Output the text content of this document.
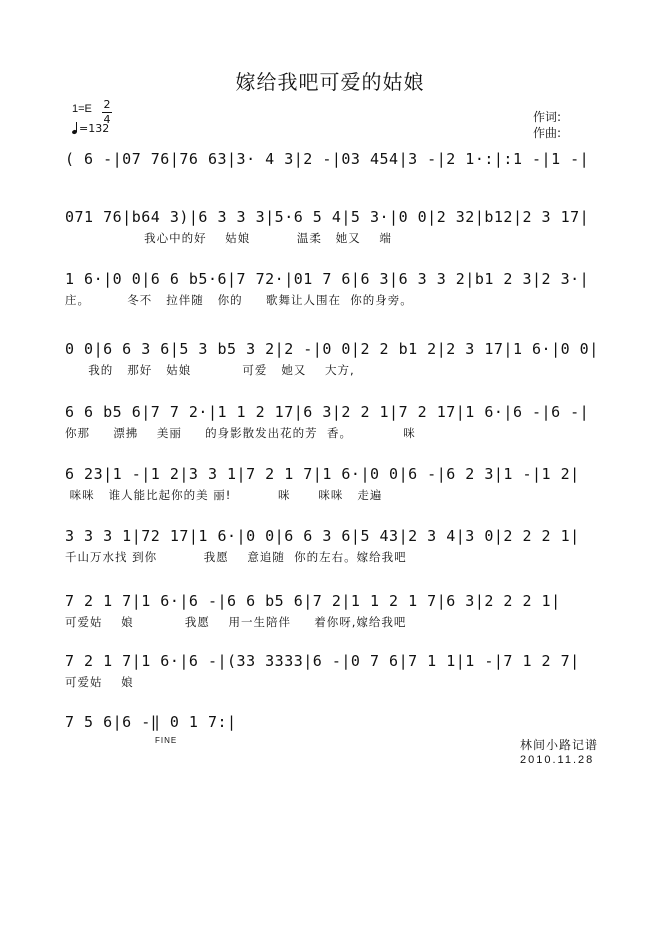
嫁给我吧可爱的姑娘
1=E 2
4
=132
作词:
作曲:
( 6 -|07 76|76 63|3· 4 3|2 -|03 454|3 -|2 1·:|:1 -|1 -|
071 76|b64 3)|6 3 3 3|5·6 5 4|5 3·|0 0|2 32|b12|2 3 17|
我心中的好    姑娘          温柔   她又    端
1 6·|0 0|6 6 b5·6|7 72·|01 7 6|6 3|6 3 3 2|b1 2 3|2 3·|
庄。        冬不   拉伴随   你的     歌舞让人围在  你的身旁。
0 0|6 6 3 6|5 3 b5 3 2|2 -|0 0|2 2 b1 2|2 3 17|1 6·|0 0|
我的   那好   姑娘           可爱   她又    大方,
6 6 b5 6|7 7 2·|1 1 2 17|6 3|2 2 1|7 2 17|1 6·|6 -|6 -|
你那     漂拂    美丽     的身影散发出花的芳  香。           咪
6 23|1 -|1 2|3 3 1|7 2 1 7|1 6·|0 0|6 -|6 2 3|1 -|1 2|
咪咪   谁人能比起你的美 丽!          咪      咪咪   走遍
3 3 3 1|72 17|1 6·|0 0|6 6 3 6|5 43|2 3 4|3 0|2 2 2 1|
千山万水找 到你          我愿    意追随  你的左右。嫁给我吧
7 2 1 7|1 6·|6 -|6 6 b5 6|7 2|1 1 2 1 7|6 3|2 2 2 1|
可爱姑    娘           我愿    用一生陪伴     着你呀,嫁给我吧
7 2 1 7|1 6·|6 -|(33 3333|6 -|0 7 6|7 1 1|1 -|7 1 2 7|
可爱姑    娘
7 5 6|6 -‖ 0 1 7:|
FINE	林间小路记谱
2010.11.28
